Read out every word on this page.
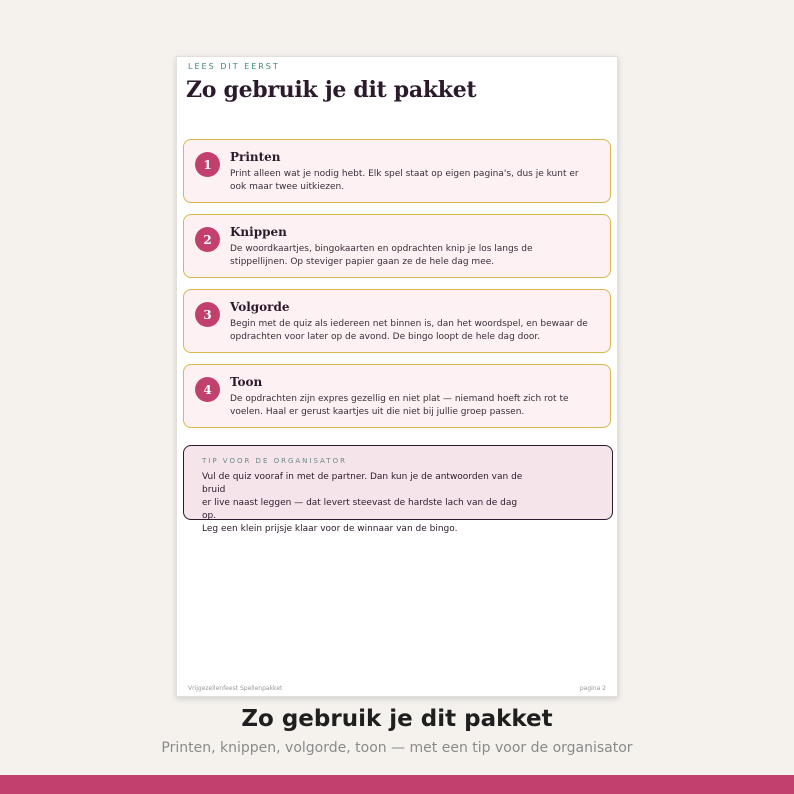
LEES DIT EERST
Zo gebruik je dit pakket
1
Printen
Print alleen wat je nodig hebt. Elk spel staat op eigen pagina's, dus je kunt er ook maar twee uitkiezen.
2
Knippen
De woordkaartjes, bingokaarten en opdrachten knip je los langs de stippellijnen. Op steviger papier gaan ze de hele dag mee.
3
Volgorde
Begin met de quiz als iedereen net binnen is, dan het woordspel, en bewaar de opdrachten voor later op de avond. De bingo loopt de hele dag door.
4
Toon
De opdrachten zijn expres gezellig en niet plat — niemand hoeft zich rot te voelen. Haal er gerust kaartjes uit die niet bij jullie groep passen.
TIP VOOR DE ORGANISATOR
Vul de quiz vooraf in met de partner. Dan kun je de antwoorden van de bruid
er live naast leggen — dat levert steevast de hardste lach van de dag op.
Leg een klein prijsje klaar voor de winnaar van de bingo.
Vrijgezellenfeest Spellenpakket	pagina 2
Zo gebruik je dit pakket
Printen, knippen, volgorde, toon — met een tip voor de organisator
